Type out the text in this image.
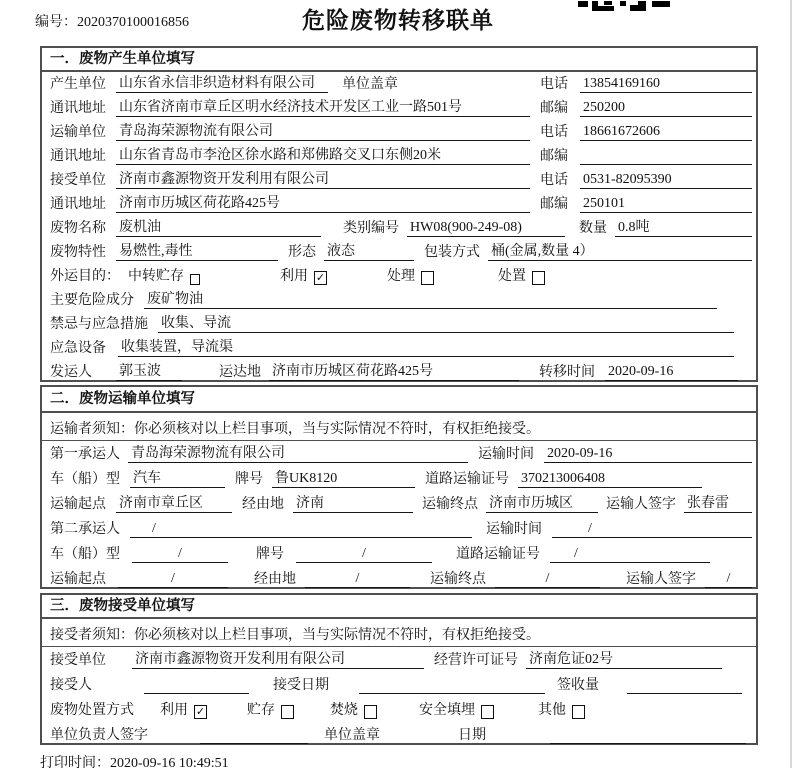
编号：2020370100016856	危险废物转移联单
一．废物产生单位填写
产生单位 山东省永信非织造材料有限公司	单位盖章	电话 13854169160
通讯地址 山东省济南市章丘区明水经济技术开发区工业一路501号	邮编 250200
运输单位 青岛海荣源物流有限公司	电话 18661672606
通讯地址 山东省青岛市李沧区徐水路和郑佛路交叉口东侧20米	邮编
接受单位 济南市鑫源物资开发利用有限公司	电话 0531-82095390
通讯地址 济南市历城区荷花路425号	邮编 250101
废物名称 废机油	类别编号 HW08(900-249-08)	数量 0.8吨
废物特性 易燃性,毒性	形态 液态	包装方式 桶(金属,数量 4）
外运目的： 中转贮存	利用 ✓	处理	处置
主要危险成分 废矿物油
禁忌与应急措施 收集、导流
应急设备 收集装置，导流渠
发运人 郭玉波	运达地 济南市历城区荷花路425号	转移时间 2020-09-16
二．废物运输单位填写
运输者须知：你必须核对以上栏目事项，当与实际情况不符时，有权拒绝接受。
第一承运人 青岛海荣源物流有限公司	运输时间 2020-09-16
车（船）型 汽车	牌号 鲁UK8120	道路运输证号 370213006408
运输起点 济南市章丘区	经由地 济南	运输终点 济南市历城区	运输人签字 张春雷
第二承运人	/	运输时间	/
车（船）型	/	牌号	/	道路运输证号	/
运输起点	/	经由地	/	运输终点	/	运输人签字	/
三．废物接受单位填写
接受者须知：你必须核对以上栏目事项，当与实际情况不符时，有权拒绝接受。
接受单位 济南市鑫源物资开发利用有限公司	经营许可证号 济南危证02号
接受人	接受日期	签收量
废物处置方式 利用 ✓	贮存	焚烧	安全填埋	其他
单位负责人签字	单位盖章	日期
打印时间：2020-09-16 10:49:51
